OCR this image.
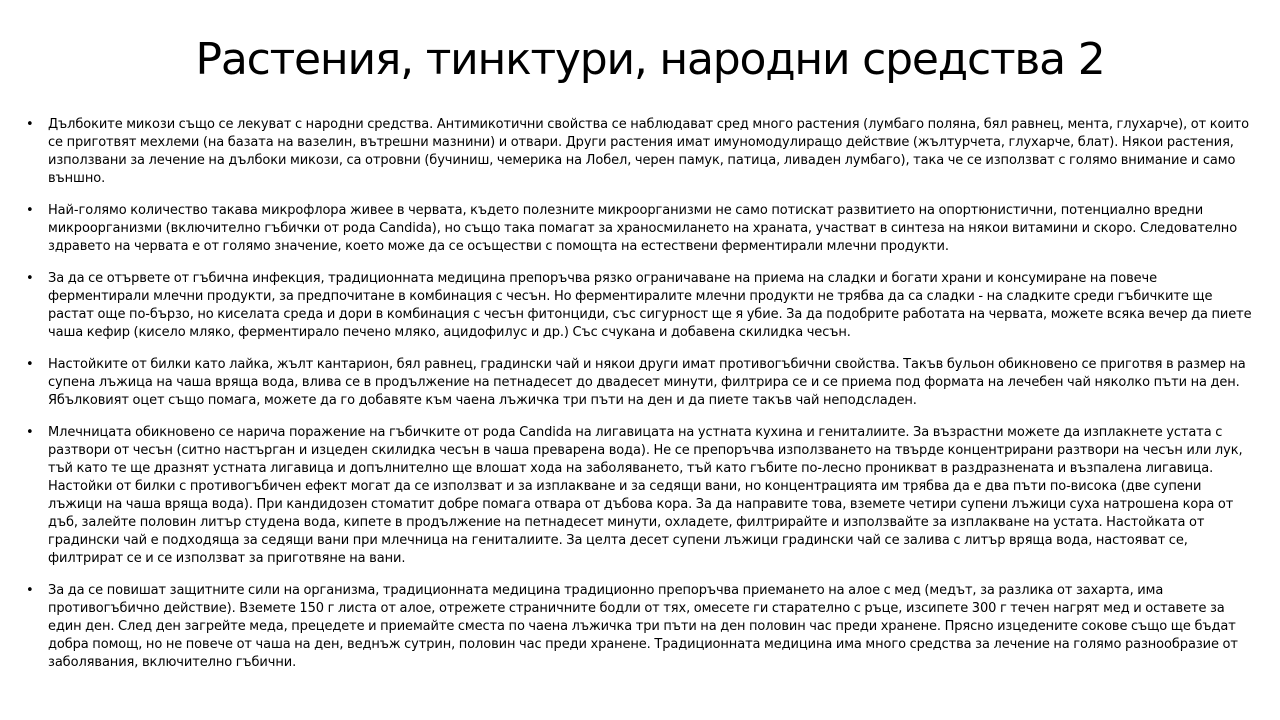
Растения, тинктури, народни средства 2
• Дълбоките микози също се лекуват с народни средства. Антимикотични свойства се наблюдават сред много растения (лумбаго поляна, бял равнец, мента, глухарче), от които се приготвят мехлеми (на базата на вазелин, вътрешни мазнини) и отвари. Други растения имат имуномодулиращо действие (жълтурчета, глухарче, блат). Някои растения, използвани за лечение на дълбоки микози, са отровни (бучиниш, чемерика на Лобел, черен памук, патица, ливаден лумбаго), така че се използват с голямо внимание и само външно.
• Най-голямо количество такава микрофлора живее в червата, където полезните микроорганизми не само потискат развитието на опортюнистични, потенциално вредни микроорганизми (включително гъбички от рода Candida), но също така помагат за храносмилането на храната, участват в синтеза на някои витамини и скоро. Следователно здравето на червата е от голямо значение, което може да се осъществи с помощта на естествени ферментирали млечни продукти.
• За да се отървете от гъбична инфекция, традиционната медицина препоръчва рязко ограничаване на приема на сладки и богати храни и консумиране на повече ферментирали млечни продукти, за предпочитане в комбинация с чесън. Но ферментиралите млечни продукти не трябва да са сладки - на сладките среди гъбичките ще растат още по-бързо, но киселата среда и дори в комбинация с чесън фитонциди, със сигурност ще я убие. За да подобрите работата на червата, можете всяка вечер да пиете чаша кефир (кисело мляко, ферментирало печено мляко, ацидофилус и др.) Със счукана и добавена скилидка чесън.
• Настойките от билки като лайка, жълт кантарион, бял равнец, градински чай и някои други имат противогъбични свойства. Такъв бульон обикновено се приготвя в размер на супена лъжица на чаша вряща вода, влива се в продължение на петнадесет до двадесет минути, филтрира се и се приема под формата на лечебен чай няколко пъти на ден. Ябълковият оцет също помага, можете да го добавяте към чаена лъжичка три пъти на ден и да пиете такъв чай неподсладен.
• Млечницата обикновено се нарича поражение на гъбичките от рода Candida на лигавицата на устната кухина и гениталиите. За възрастни можете да изплакнете устата с разтвори от чесън (ситно настърган и изцеден скилидка чесън в чаша преварена вода). Не се препоръчва използването на твърде концентрирани разтвори на чесън или лук, тъй като те ще дразнят устната лигавица и допълнително ще влошат хода на заболяването, тъй като гъбите по-лесно проникват в раздразнената и възпалена лигавица. Настойки от билки с противогъбичен ефект могат да се използват и за изплакване и за седящи вани, но концентрацията им трябва да е два пъти по-висока (две супени лъжици на чаша вряща вода). При кандидозен стоматит добре помага отвара от дъбова кора. За да направите това, вземете четири супени лъжици суха натрошена кора от дъб, залейте половин литър студена вода, кипете в продължение на петнадесет минути, охладете, филтрирайте и използвайте за изплакване на устата. Настойката от градински чай е подходяща за седящи вани при млечница на гениталиите. За целта десет супени лъжици градински чай се залива с литър вряща вода, настояват се, филтрират се и се използват за приготвяне на вани.
• За да се повишат защитните сили на организма, традиционната медицина традиционно препоръчва приемането на алое с мед (медът, за разлика от захарта, има противогъбично действие). Вземете 150 г листа от алое, отрежете страничните бодли от тях, омесете ги старателно с ръце, изсипете 300 г течен нагрят мед и оставете за един ден. След ден загрейте меда, прецедете и приемайте сместа по чаена лъжичка три пъти на ден половин час преди хранене. Прясно изцедените сокове също ще бъдат добра помощ, но не повече от чаша на ден, веднъж сутрин, половин час преди хранене. Традиционната медицина има много средства за лечение на голямо разнообразие от заболявания, включително гъбични.
